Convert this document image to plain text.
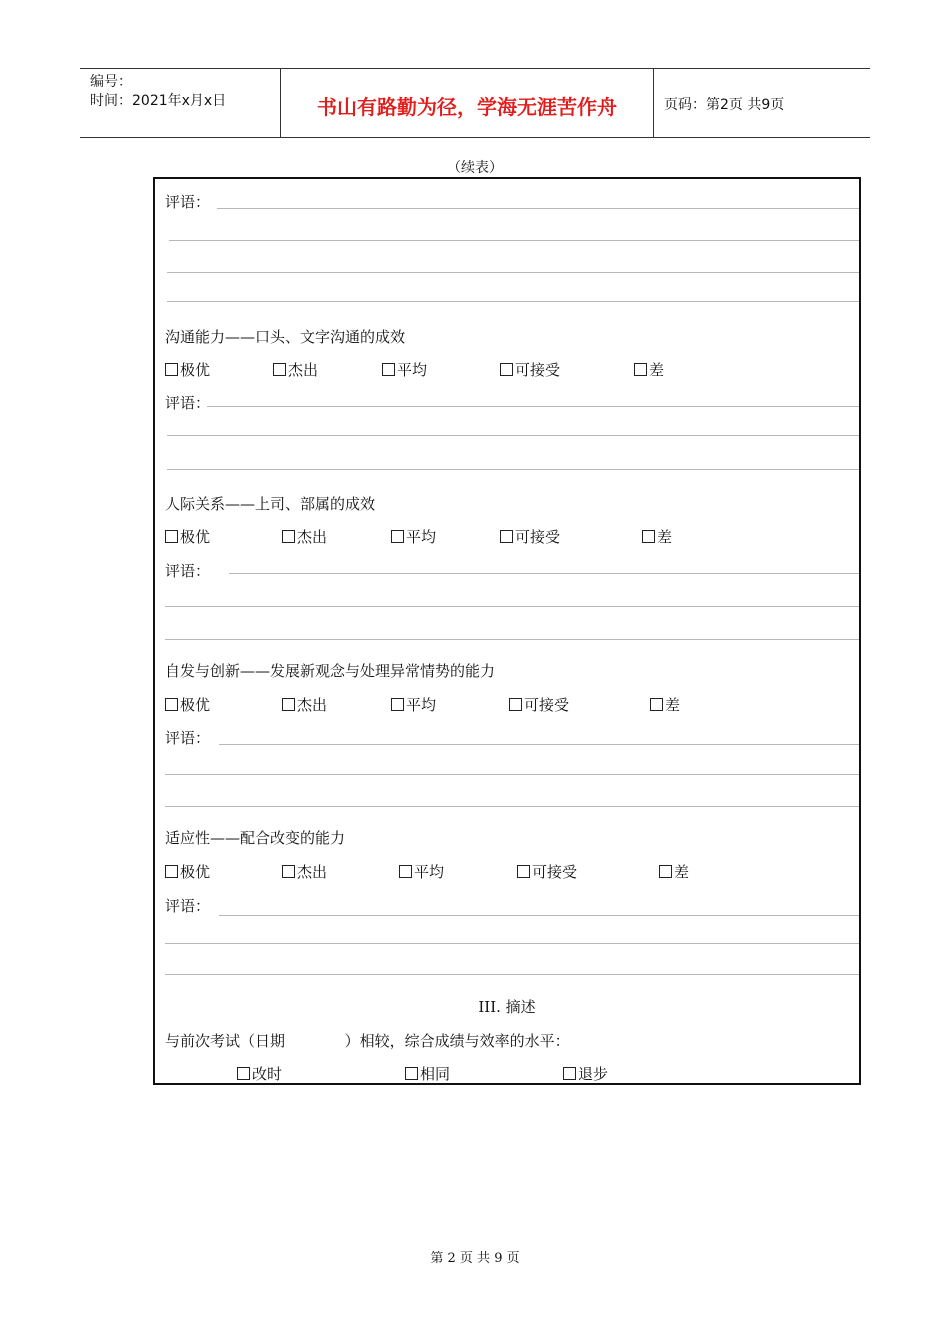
编号：
时间：2021年x月x日	书山有路勤为径，学海无涯苦作舟	页码：第2页 共9页
（续表）
评语：
沟通能力——口头、文字沟通的成效
极优	杰出	平均	可接受	差
评语：
人际关系——上司、部属的成效
极优	杰出	平均	可接受	差
评语：
自发与创新——发展新观念与处理异常情势的能力
极优	杰出	平均	可接受	差
评语：
适应性——配合改变的能力
极优	杰出	平均	可接受	差
评语：
III. 摘述
与前次考试（日期	）相较，综合成绩与效率的水平：
改时	相同	退步
第 2 页 共 9 页
